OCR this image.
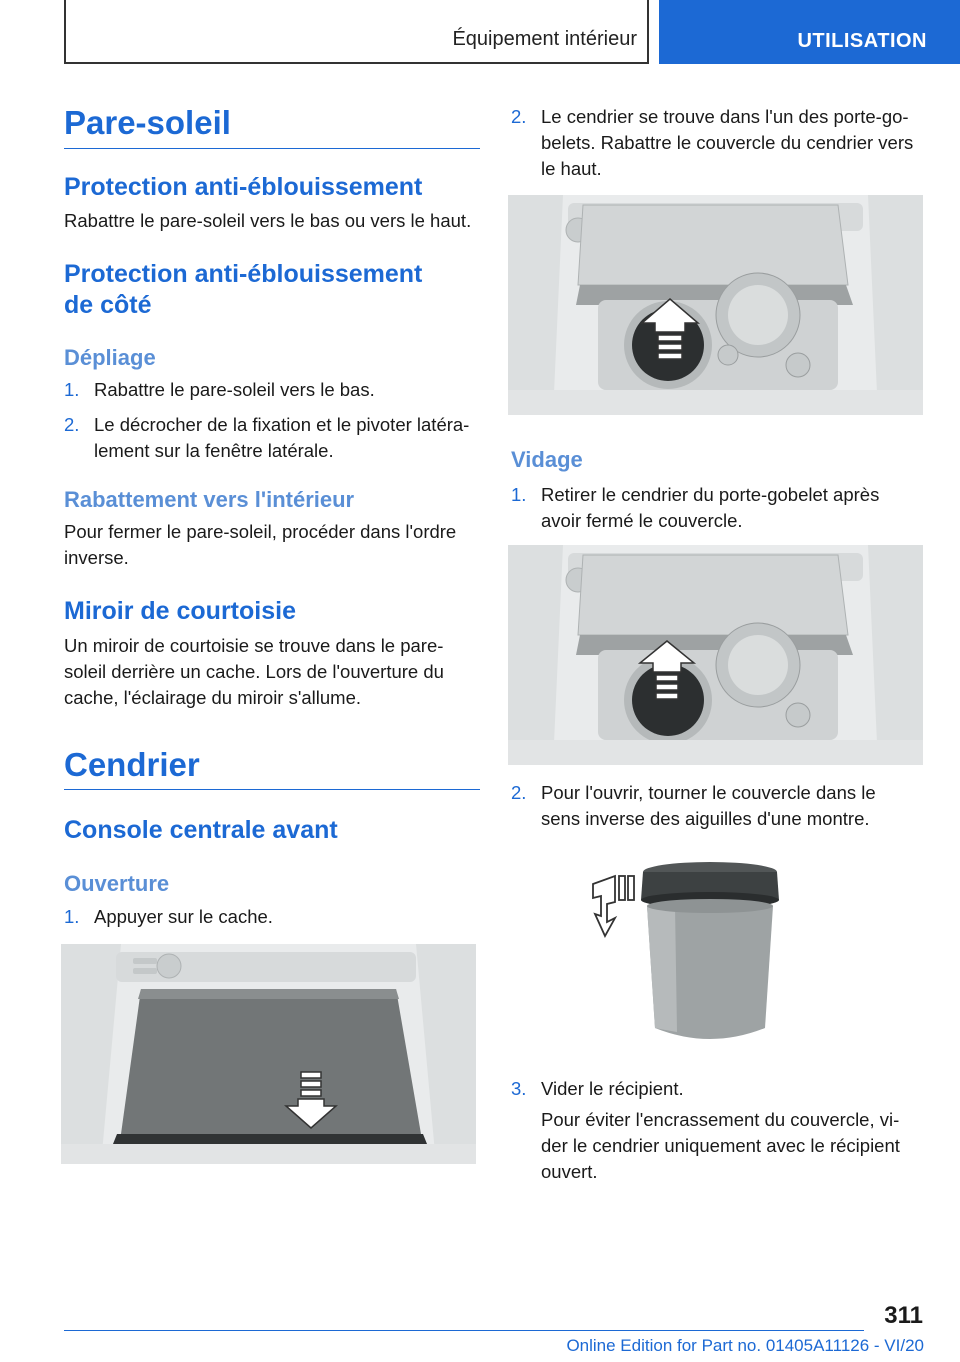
Équipement intérieur	UTILISATION
Pare-soleil
Protection anti-éblouissement
Rabattre le pare-soleil vers le bas ou vers le haut.
Protection anti-éblouissement
de côté
Dépliage
1. Rabattre le pare-soleil vers le bas.
2. Le décrocher de la fixation et le pivoter latéra-
lement sur la fenêtre latérale.
Rabattement vers l'intérieur
Pour fermer le pare-soleil, procéder dans l'ordre
inverse.
Miroir de courtoisie
Un miroir de courtoisie se trouve dans le pare-
soleil derrière un cache. Lors de l'ouverture du
cache, l'éclairage du miroir s'allume.
Cendrier
Console centrale avant
Ouverture
1. Appuyer sur le cache.
2. Le cendrier se trouve dans l'un des porte-go-
belets. Rabattre le couvercle du cendrier vers
le haut.
Vidage
1. Retirer le cendrier du porte-gobelet après
avoir fermé le couvercle.
2. Pour l'ouvrir, tourner le couvercle dans le
sens inverse des aiguilles d'une montre.
3. Vider le récipient.
Pour éviter l'encrassement du couvercle, vi-
der le cendrier uniquement avec le récipient
ouvert.
311
Online Edition for Part no. 01405A11126 - VI/20
